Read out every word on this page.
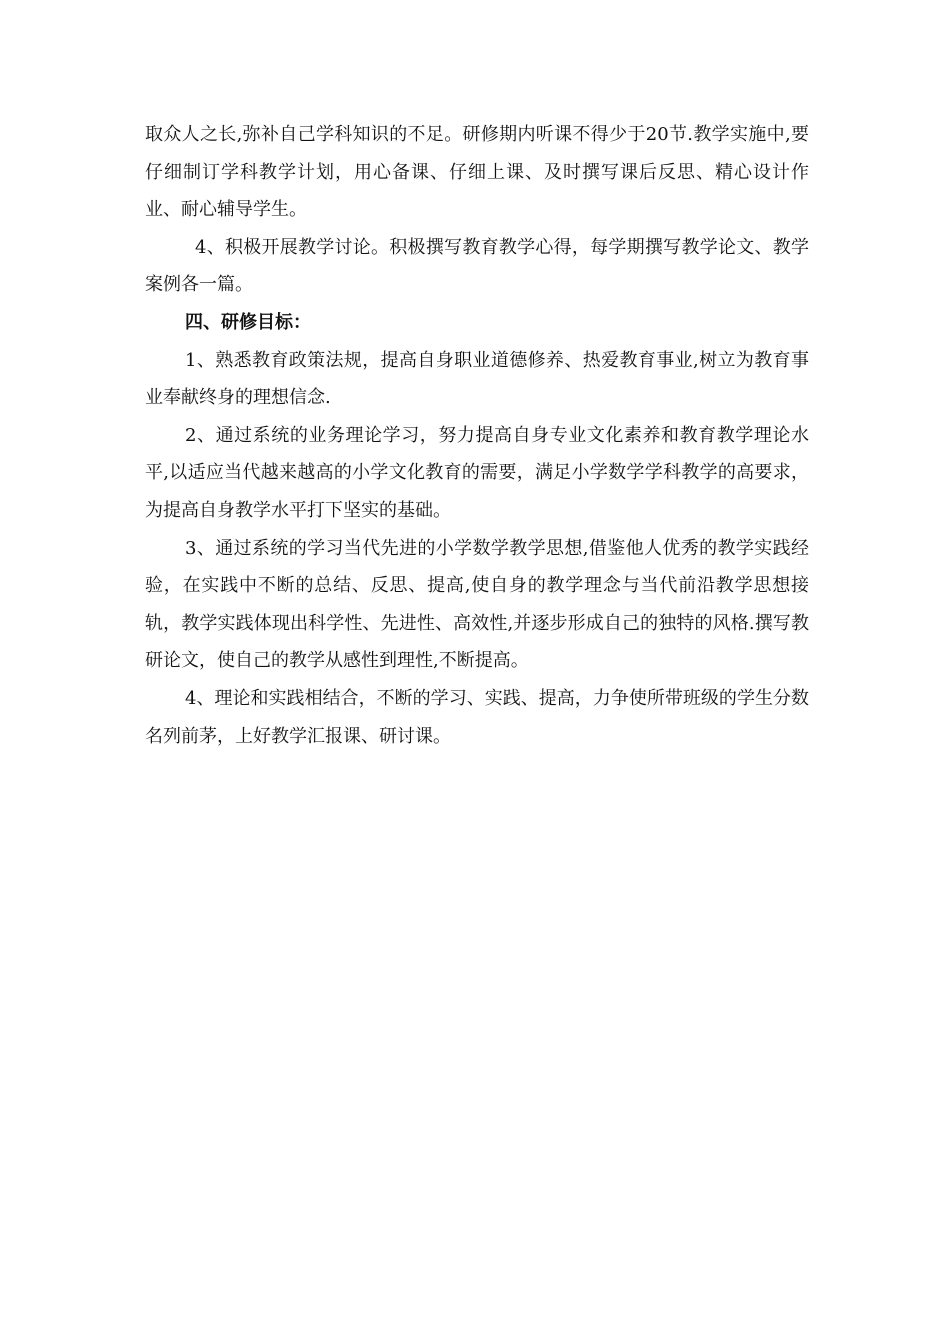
取众人之长,弥补自己学科知识的不足。研修期内听课不得少于20节.教学实施中,要仔细制订学科教学计划，用心备课、仔细上课、及时撰写课后反思、精心设计作业、耐心辅导学生。

4、积极开展教学讨论。积极撰写教育教学心得，每学期撰写教学论文、教学案例各一篇。

四、研修目标：

1、熟悉教育政策法规，提高自身职业道德修养、热爱教育事业,树立为教育事业奉献终身的理想信念.

2、通过系统的业务理论学习，努力提高自身专业文化素养和教育教学理论水平,以适应当代越来越高的小学文化教育的需要，满足小学数学学科教学的高要求，为提高自身教学水平打下坚实的基础。

3、通过系统的学习当代先进的小学数学教学思想,借鉴他人优秀的教学实践经验，在实践中不断的总结、反思、提高,使自身的教学理念与当代前沿教学思想接轨，教学实践体现出科学性、先进性、高效性,并逐步形成自己的独特的风格.撰写教研论文，使自己的教学从感性到理性,不断提高。

4、理论和实践相结合，不断的学习、实践、提高，力争使所带班级的学生分数名列前茅，上好教学汇报课、研讨课。
